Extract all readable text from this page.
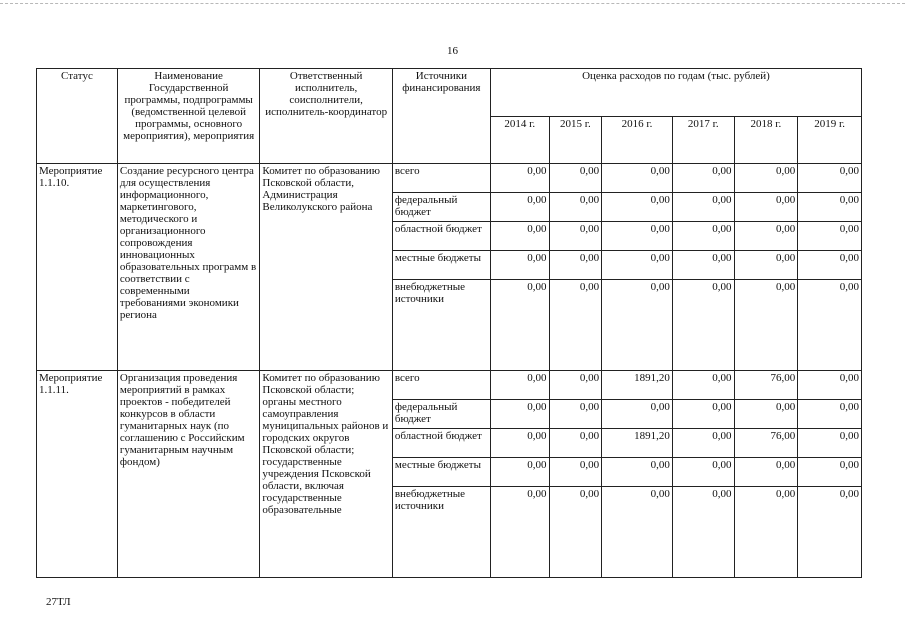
16
Статус	Наименование Государственной программы, подпрограммы (ведомственной целевой программы, основного мероприятия), мероприятия	Ответственный исполнитель, соисполнители, исполнитель-координатор	Источники финансирования	Оценка расходов по годам (тыс. рублей)					
				2014 г.	2015 г.	2016 г.	2017 г.	2018 г.	2019 г.
Мероприятие 1.1.10.	Создание ресурсного центра для осуществления информационного, маркетингового, методического и организационного сопровождения инновационных образовательных программ в соответствии с современными требованиями экономики региона	Комитет по образованию Псковской области, Администрация Великолукского района	всего	0,00	0,00	0,00	0,00	0,00	0,00
			федеральный бюджет	0,00	0,00	0,00	0,00	0,00	0,00
			областной бюджет	0,00	0,00	0,00	0,00	0,00	0,00
			местные бюджеты	0,00	0,00	0,00	0,00	0,00	0,00
			внебюджетные источники	0,00	0,00	0,00	0,00	0,00	0,00
Мероприятие 1.1.11.	Организация проведения мероприятий в рамках проектов - победителей конкурсов в области гуманитарных наук (по соглашению с Российским гуманитарным научным фондом)	Комитет по образованию Псковской области; органы местного самоуправления муниципальных районов и городских округов Псковской области; государственные учреждения Псковской области, включая государственные образовательные	всего	0,00	0,00	1891,20	0,00	76,00	0,00
			федеральный бюджет	0,00	0,00	0,00	0,00	0,00	0,00
			областной бюджет	0,00	0,00	1891,20	0,00	76,00	0,00
			местные бюджеты	0,00	0,00	0,00	0,00	0,00	0,00
			внебюджетные источники	0,00	0,00	0,00	0,00	0,00	0,00
27ТЛ
